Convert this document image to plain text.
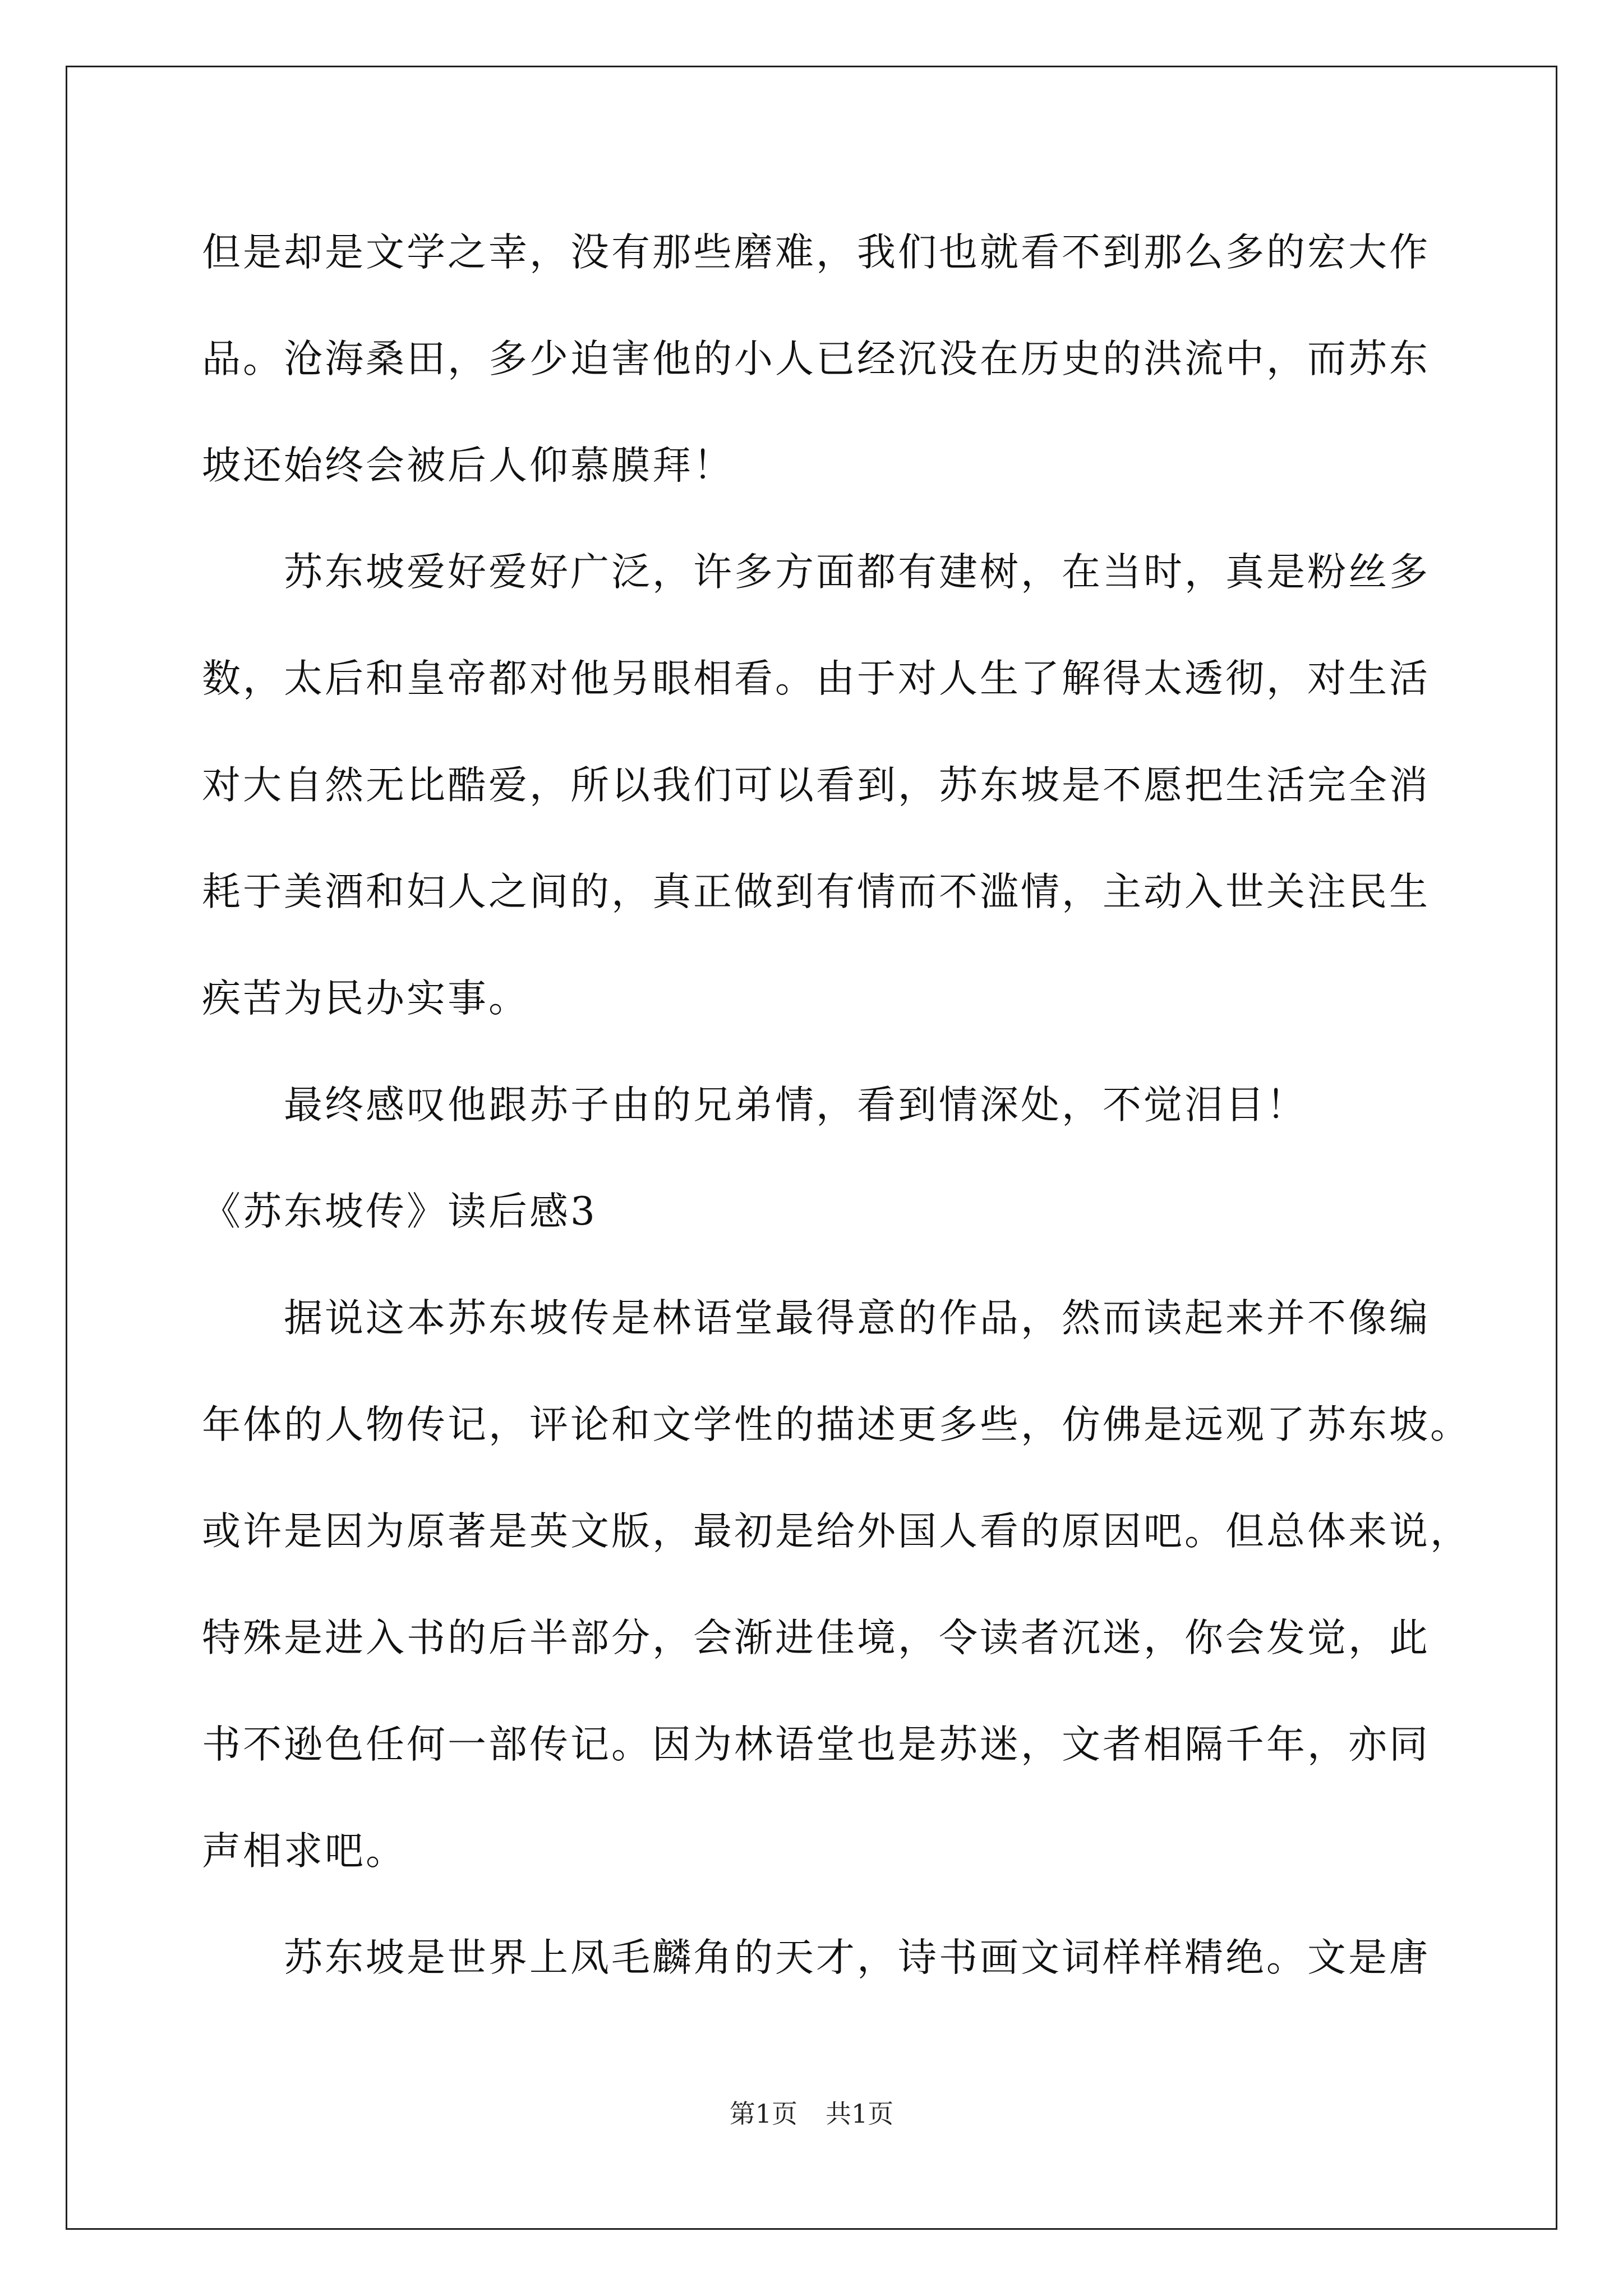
但是却是文学之幸，没有那些磨难，我们也就看不到那么多的宏大作
品。沧海桑田，多少迫害他的小人已经沉没在历史的洪流中，而苏东
坡还始终会被后人仰慕膜拜！
　　苏东坡爱好爱好广泛，许多方面都有建树，在当时，真是粉丝多
数，太后和皇帝都对他另眼相看。由于对人生了解得太透彻，对生活
对大自然无比酷爱，所以我们可以看到，苏东坡是不愿把生活完全消
耗于美酒和妇人之间的，真正做到有情而不滥情，主动入世关注民生
疾苦为民办实事。
　　最终感叹他跟苏子由的兄弟情，看到情深处，不觉泪目！
《苏东坡传》读后感3
　　据说这本苏东坡传是林语堂最得意的作品，然而读起来并不像编
年体的人物传记，评论和文学性的描述更多些，仿佛是远观了苏东坡。
或许是因为原著是英文版，最初是给外国人看的原因吧。但总体来说，
特殊是进入书的后半部分，会渐进佳境，令读者沉迷，你会发觉，此
书不逊色任何一部传记。因为林语堂也是苏迷，文者相隔千年，亦同
声相求吧。
　　苏东坡是世界上凤毛麟角的天才，诗书画文词样样精绝。文是唐
第1页 共1页
